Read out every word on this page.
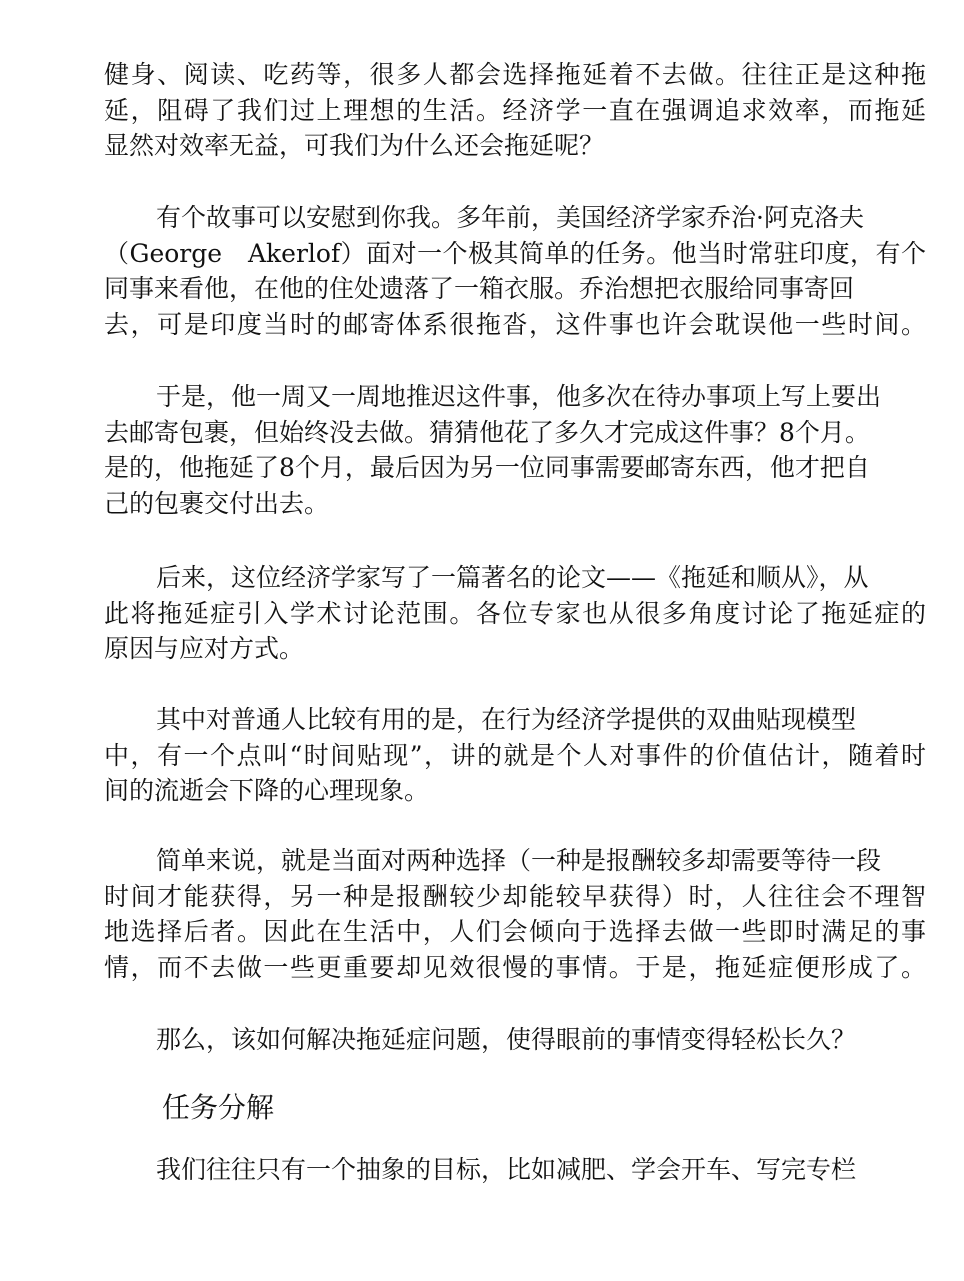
健身、阅读、吃药等，很多人都会选择拖延着不去做。往往正是这种拖
延，阻碍了我们过上理想的生活。经济学一直在强调追求效率，而拖延
显然对效率无益，可我们为什么还会拖延呢？
有个故事可以安慰到你我。多年前，美国经济学家乔治·阿克洛夫
（George　Akerlof）面对一个极其简单的任务。他当时常驻印度，有个
同事来看他，在他的住处遗落了一箱衣服。乔治想把衣服给同事寄回
去，可是印度当时的邮寄体系很拖沓，这件事也许会耽误他一些时间。
于是，他一周又一周地推迟这件事，他多次在待办事项上写上要出
去邮寄包裹，但始终没去做。猜猜他花了多久才完成这件事？8个月。
是的，他拖延了8个月，最后因为另一位同事需要邮寄东西，他才把自
己的包裹交付出去。
后来，这位经济学家写了一篇著名的论文——《拖延和顺从》，从
此将拖延症引入学术讨论范围。各位专家也从很多角度讨论了拖延症的
原因与应对方式。
其中对普通人比较有用的是，在行为经济学提供的双曲贴现模型
中，有一个点叫“时间贴现”，讲的就是个人对事件的价值估计，随着时
间的流逝会下降的心理现象。
简单来说，就是当面对两种选择（一种是报酬较多却需要等待一段
时间才能获得，另一种是报酬较少却能较早获得）时，人往往会不理智
地选择后者。因此在生活中，人们会倾向于选择去做一些即时满足的事
情，而不去做一些更重要却见效很慢的事情。于是，拖延症便形成了。
那么，该如何解决拖延症问题，使得眼前的事情变得轻松长久？
任务分解
我们往往只有一个抽象的目标，比如减肥、学会开车、写完专栏
